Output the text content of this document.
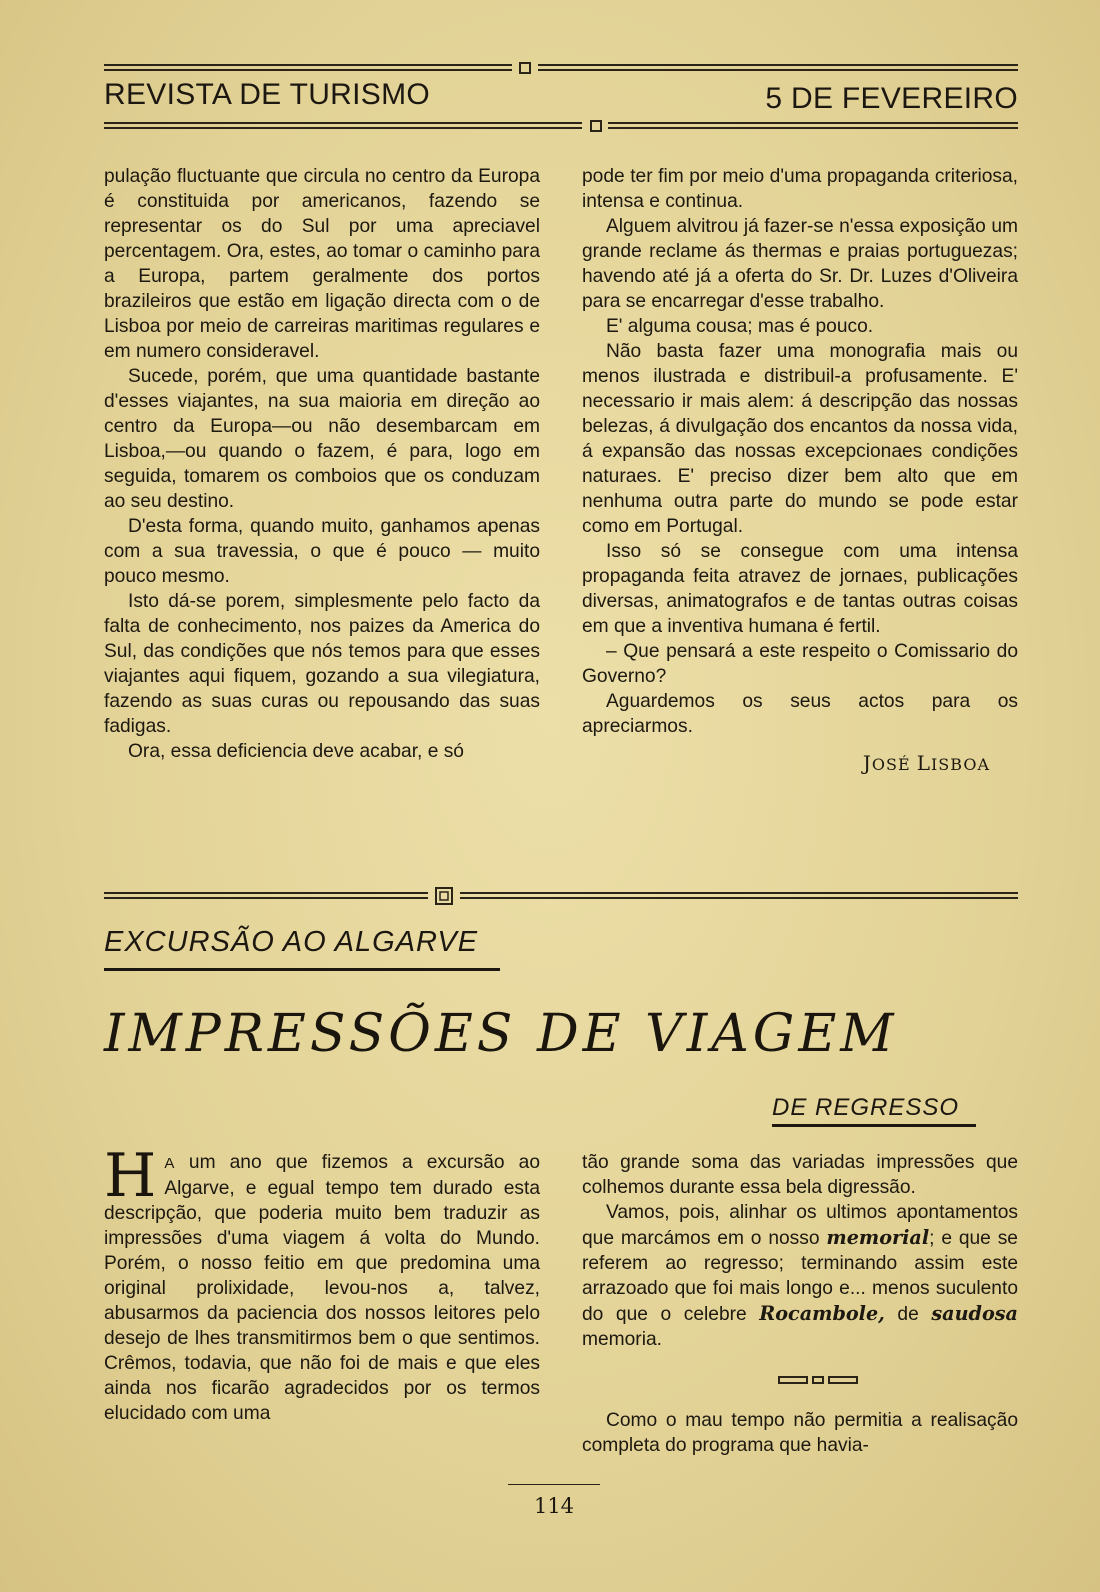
REVISTA DE TURISMO	5 DE FEVEREIRO

pulação fluctuante que circula no centro da Europa é constituida por americanos, fazendo se representar os do Sul por uma apreciavel percentagem. Ora, estes, ao tomar o caminho para a Europa, partem geralmente dos portos brazileiros que estão em ligação directa com o de Lisboa por meio de carreiras maritimas regulares e em numero consideravel.

Sucede, porém, que uma quantidade bastante d'esses viajantes, na sua maioria em direção ao centro da Europa—ou não desembarcam em Lisboa,—ou quando o fazem, é para, logo em seguida, tomarem os comboios que os conduzam ao seu destino.

D'esta forma, quando muito, ganhamos apenas com a sua travessia, o que é pouco — muito pouco mesmo.

Isto dá-se porem, simplesmente pelo facto da falta de conhecimento, nos paizes da America do Sul, das condições que nós temos para que esses viajantes aqui fiquem, gozando a sua vilegiatura, fazendo as suas curas ou repousando das suas fadigas.

Ora, essa deficiencia deve acabar, e só

pode ter fim por meio d'uma propaganda criteriosa, intensa e continua.

Alguem alvitrou já fazer-se n'essa exposição um grande reclame ás thermas e praias portuguezas; havendo até já a oferta do Sr. Dr. Luzes d'Oliveira para se encarregar d'esse trabalho.

E' alguma cousa; mas é pouco.

Não basta fazer uma monografia mais ou menos ilustrada e distribuil-a profusamente. E' necessario ir mais alem: á descripção das nossas belezas, á divulgação dos encantos da nossa vida, á expansão das nossas excepcionaes condições naturaes. E' preciso dizer bem alto que em nenhuma outra parte do mundo se pode estar como em Portugal.

Isso só se consegue com uma intensa propaganda feita atravez de jornaes, publicações diversas, animatografos e de tantas outras coisas em que a inventiva humana é fertil.

– Que pensará a este respeito o Comissario do Governo?

Aguardemos os seus actos para os apreciarmos.

JOSÉ LISBOA
EXCURSÃO AO ALGARVE
IMPRESSÕES DE VIAGEM
DE REGRESSO

H A um ano que fizemos a excursão ao Algarve, e egual tempo tem durado esta descripção, que poderia muito bem traduzir as impressões d'uma viagem á volta do Mundo. Porém, o nosso feitio em que predomina uma original prolixidade, levou-nos a, talvez, abusarmos da paciencia dos nossos leitores pelo desejo de lhes transmitirmos bem o que sentimos. Crêmos, todavia, que não foi de mais e que eles ainda nos ficarão agradecidos por os termos elucidado com uma

tão grande soma das variadas impressões que colhemos durante essa bela digressão.

Vamos, pois, alinhar os ultimos apontamentos que marcámos em o nosso memorial; e que se referem ao regresso; terminando assim este arrazoado que foi mais longo e... menos suculento do que o celebre Rocambole, de saudosa memoria.

Como o mau tempo não permitia a realisação completa do programa que havia-

114
